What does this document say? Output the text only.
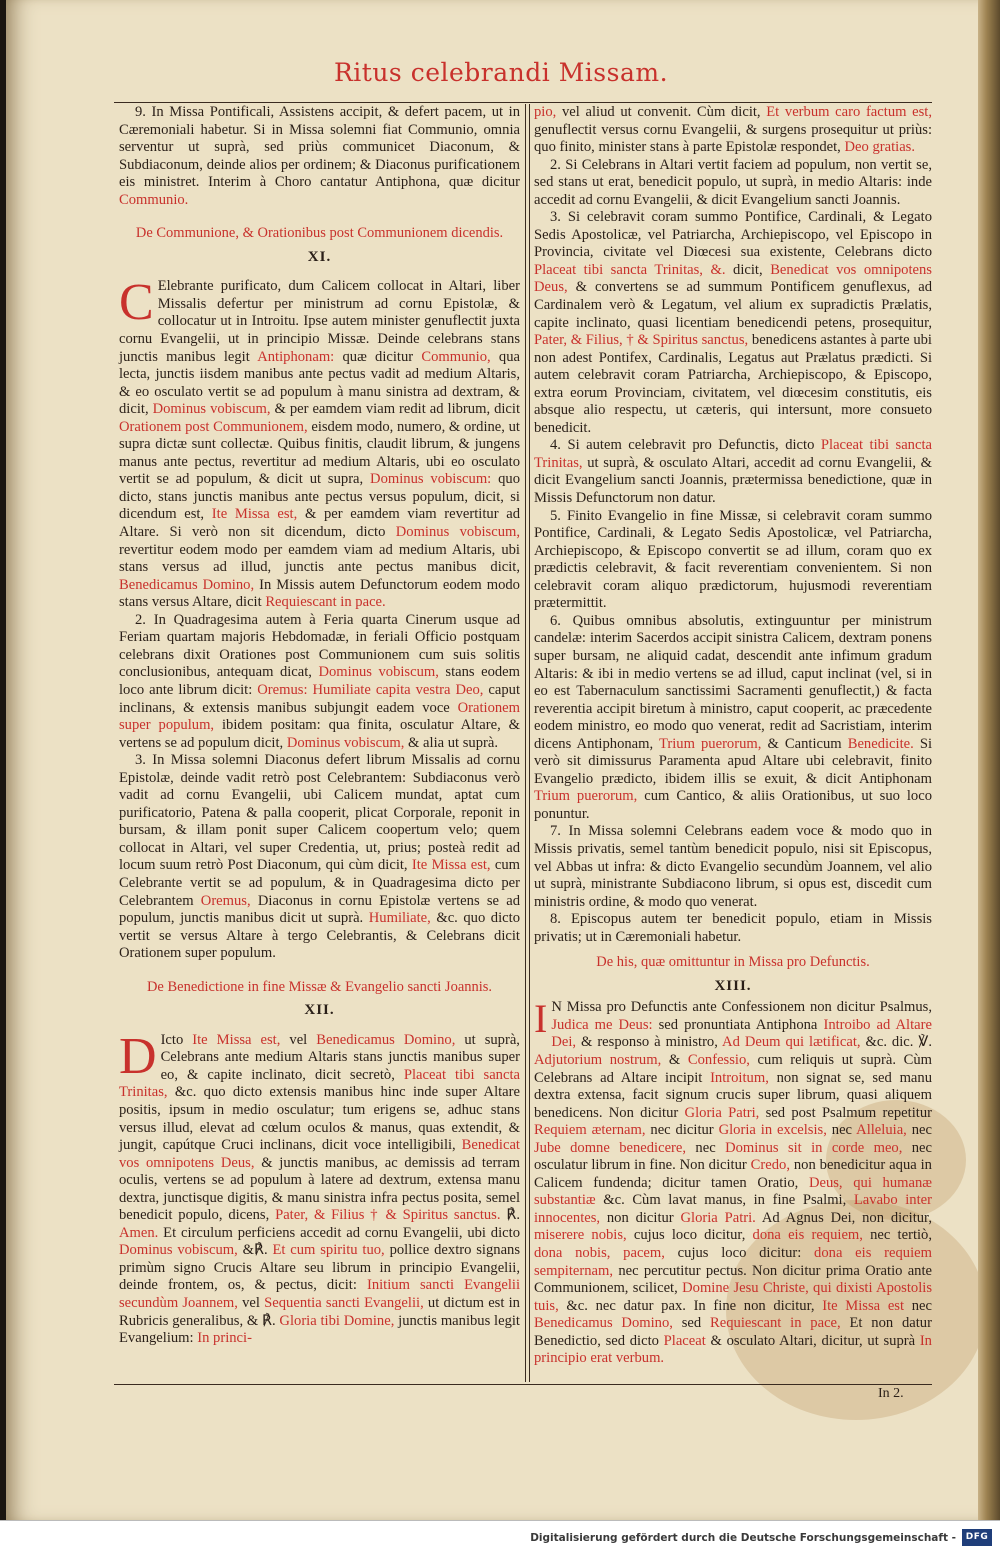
Ritus celebrandi Missam.

9. In Missa Pontificali, Assistens accipit, & defert pacem, ut in Cæremoniali habetur. Si in Missa solemni fiat Communio, omnia serventur ut suprà, sed priùs communicet Diaconum, & Subdiaconum, deinde alios per ordinem; & Diaconus purificationem eis ministret. Interim à Choro cantatur Antiphona, quæ dicitur Communio.

De Communione, & Orationibus post Communionem dicendis.
XI.

C Elebrante purificato, dum Calicem collocat in Altari, liber Missalis defertur per ministrum ad cornu Epistolæ, & collocatur ut in Introitu. Ipse autem minister genuflectit juxta cornu Evangelii, ut in principio Missæ. Deinde celebrans stans junctis manibus legit Antiphonam: quæ dicitur Communio, qua lecta, junctis iisdem manibus ante pectus vadit ad medium Altaris, & eo osculato vertit se ad populum à manu sinistra ad dextram, & dicit, Dominus vobiscum, & per eamdem viam redit ad librum, dicit Orationem post Communionem, eisdem modo, numero, & ordine, ut supra dictæ sunt collectæ. Quibus finitis, claudit librum, & jungens manus ante pectus, revertitur ad medium Altaris, ubi eo osculato vertit se ad populum, & dicit ut supra, Dominus vobiscum: quo dicto, stans junctis manibus ante pectus versus populum, dicit, si dicendum est, Ite Missa est, & per eamdem viam revertitur ad Altare. Si verò non sit dicendum, dicto Dominus vobiscum, revertitur eodem modo per eamdem viam ad medium Altaris, ubi stans versus ad illud, junctis ante pectus manibus dicit, Benedicamus Domino, In Missis autem Defunctorum eodem modo stans versus Altare, dicit Requiescant in pace.

2. In Quadragesima autem à Feria quarta Cinerum usque ad Feriam quartam majoris Hebdomadæ, in feriali Officio postquam celebrans dixit Orationes post Communionem cum suis solitis conclusionibus, antequam dicat, Dominus vobiscum, stans eodem loco ante librum dicit: Oremus: Humiliate capita vestra Deo, caput inclinans, & extensis manibus subjungit eadem voce Orationem super populum, ibidem positam: qua finita, osculatur Altare, & vertens se ad populum dicit, Dominus vobiscum, & alia ut suprà.

3. In Missa solemni Diaconus defert librum Missalis ad cornu Epistolæ, deinde vadit retrò post Celebrantem: Subdiaconus verò vadit ad cornu Evangelii, ubi Calicem mundat, aptat cum purificatorio, Patena & palla cooperit, plicat Corporale, reponit in bursam, & illam ponit super Calicem coopertum velo; quem collocat in Altari, vel super Credentia, ut, prius; posteà redit ad locum suum retrò Post Diaconum, qui cùm dicit, Ite Missa est, cum Celebrante vertit se ad populum, & in Quadragesima dicto per Celebrantem Oremus, Diaconus in cornu Epistolæ vertens se ad populum, junctis manibus dicit ut suprà. Humiliate, &c. quo dicto vertit se versus Altare à tergo Celebrantis, & Celebrans dicit Orationem super populum.

De Benedictione in fine Missæ & Evangelio sancti Joannis.
XII.

D Icto Ite Missa est, vel Benedicamus Domino, ut suprà, Celebrans ante medium Altaris stans junctis manibus super eo, & capite inclinato, dicit secretò, Placeat tibi sancta Trinitas, &c. quo dicto extensis manibus hinc inde super Altare positis, ipsum in medio osculatur; tum erigens se, adhuc stans versus illud, elevat ad cœlum oculos & manus, quas extendit, & jungit, capútque Cruci inclinans, dicit voce intelligibili, Benedicat vos omnipotens Deus, & junctis manibus, ac demissis ad terram oculis, vertens se ad populum à latere ad dextrum, extensa manu dextra, junctisque digitis, & manu sinistra infra pectus posita, semel benedicit populo, dicens, Pater, & Filius † & Spiritus sanctus. ℟. Amen. Et circulum perficiens accedit ad cornu Evangelii, ubi dicto Dominus vobiscum, &℟. Et cum spiritu tuo, pollice dextro signans primùm signo Crucis Altare seu librum in principio Evangelii, deinde frontem, os, & pectus, dicit: Initium sancti Evangelii secundùm Joannem, vel Sequentia sancti Evangelii, ut dictum est in Rubricis generalibus, & ℟. Gloria tibi Domine, junctis manibus legit Evangelium: In princi-

pio, vel aliud ut convenit. Cùm dicit, Et verbum caro factum est, genuflectit versus cornu Evangelii, & surgens prosequitur ut priùs: quo finito, minister stans à parte Epistolæ respondet, Deo gratias.

2. Si Celebrans in Altari vertit faciem ad populum, non vertit se, sed stans ut erat, benedicit populo, ut suprà, in medio Altaris: inde accedit ad cornu Evangelii, & dicit Evangelium sancti Joannis.

3. Si celebravit coram summo Pontifice, Cardinali, & Legato Sedis Apostolicæ, vel Patriarcha, Archiepiscopo, vel Episcopo in Provincia, civitate vel Diœcesi sua existente, Celebrans dicto Placeat tibi sancta Trinitas, &. dicit, Benedicat vos omnipotens Deus, & convertens se ad summum Pontificem genuflexus, ad Cardinalem verò & Legatum, vel alium ex supradictis Prælatis, capite inclinato, quasi licentiam benedicendi petens, prosequitur, Pater, & Filius, † & Spiritus sanctus, benedicens astantes à parte ubi non adest Pontifex, Cardinalis, Legatus aut Prælatus prædicti. Si autem celebravit coram Patriarcha, Archiepiscopo, & Episcopo, extra eorum Provinciam, civitatem, vel diœcesim constitutis, eis absque alio respectu, ut cæteris, qui intersunt, more consueto benedicit.

4. Si autem celebravit pro Defunctis, dicto Placeat tibi sancta Trinitas, ut suprà, & osculato Altari, accedit ad cornu Evangelii, & dicit Evangelium sancti Joannis, prætermissa benedictione, quæ in Missis Defunctorum non datur.

5. Finito Evangelio in fine Missæ, si celebravit coram summo Pontifice, Cardinali, & Legato Sedis Apostolicæ, vel Patriarcha, Archiepiscopo, & Episcopo convertit se ad illum, coram quo ex prædictis celebravit, & facit reverentiam convenientem. Si non celebravit coram aliquo prædictorum, hujusmodi reverentiam prætermittit.

6. Quibus omnibus absolutis, extinguuntur per ministrum candelæ: interim Sacerdos accipit sinistra Calicem, dextram ponens super bursam, ne aliquid cadat, descendit ante infimum gradum Altaris: & ibi in medio vertens se ad illud, caput inclinat (vel, si in eo est Tabernaculum sanctissimi Sacramenti genuflectit,) & facta reverentia accipit biretum à ministro, caput cooperit, ac præcedente eodem ministro, eo modo quo venerat, redit ad Sacristiam, interim dicens Antiphonam, Trium puerorum, & Canticum Benedicite. Si verò sit dimissurus Paramenta apud Altare ubi celebravit, finito Evangelio prædicto, ibidem illis se exuit, & dicit Antiphonam Trium puerorum, cum Cantico, & aliis Orationibus, ut suo loco ponuntur.

7. In Missa solemni Celebrans eadem voce & modo quo in Missis privatis, semel tantùm benedicit populo, nisi sit Episcopus, vel Abbas ut infra: & dicto Evangelio secundùm Joannem, vel alio ut suprà, ministrante Subdiacono librum, si opus est, discedit cum ministris ordine, & modo quo venerat.

8. Episcopus autem ter benedicit populo, etiam in Missis privatis; ut in Cæremoniali habetur.

De his, quæ omittuntur in Missa pro Defunctis.
XIII.

I N Missa pro Defunctis ante Confessionem non dicitur Psalmus, Judica me Deus: sed pronuntiata Antiphona Introibo ad Altare Dei, & responso à ministro, Ad Deum qui lætificat, &c. dic. ℣. Adjutorium nostrum, & Confessio, cum reliquis ut suprà. Cùm Celebrans ad Altare incipit Introitum, non signat se, sed manu dextra extensa, facit signum crucis super librum, quasi aliquem benedicens. Non dicitur Gloria Patri, sed post Psalmum repetitur Requiem æternam, nec dicitur Gloria in excelsis, nec Alleluia, nec Jube domne benedicere, nec Dominus sit in corde meo, nec osculatur librum in fine. Non dicitur Credo, non benedicitur aqua in Calicem fundenda; dicitur tamen Oratio, Deus, qui humanæ substantiæ &c. Cùm lavat manus, in fine Psalmi, Lavabo inter innocentes, non dicitur Gloria Patri. Ad Agnus Dei, non dicitur, miserere nobis, cujus loco dicitur, dona eis requiem, nec tertiò, dona nobis, pacem, cujus loco dicitur: dona eis requiem sempiternam, nec percutitur pectus. Non dicitur prima Oratio ante Communionem, scilicet, Domine Jesu Christe, qui dixisti Apostolis tuis, &c. nec datur pax. In fine non dicitur, Ite Missa est nec Benedicamus Domino, sed Requiescant in pace, Et non datur Benedictio, sed dicto Placeat & osculato Altari, dicitur, ut suprà In principio erat verbum.

In 2.
Digitalisierung gefördert durch die Deutsche Forschungsgemeinschaft -	DFG
